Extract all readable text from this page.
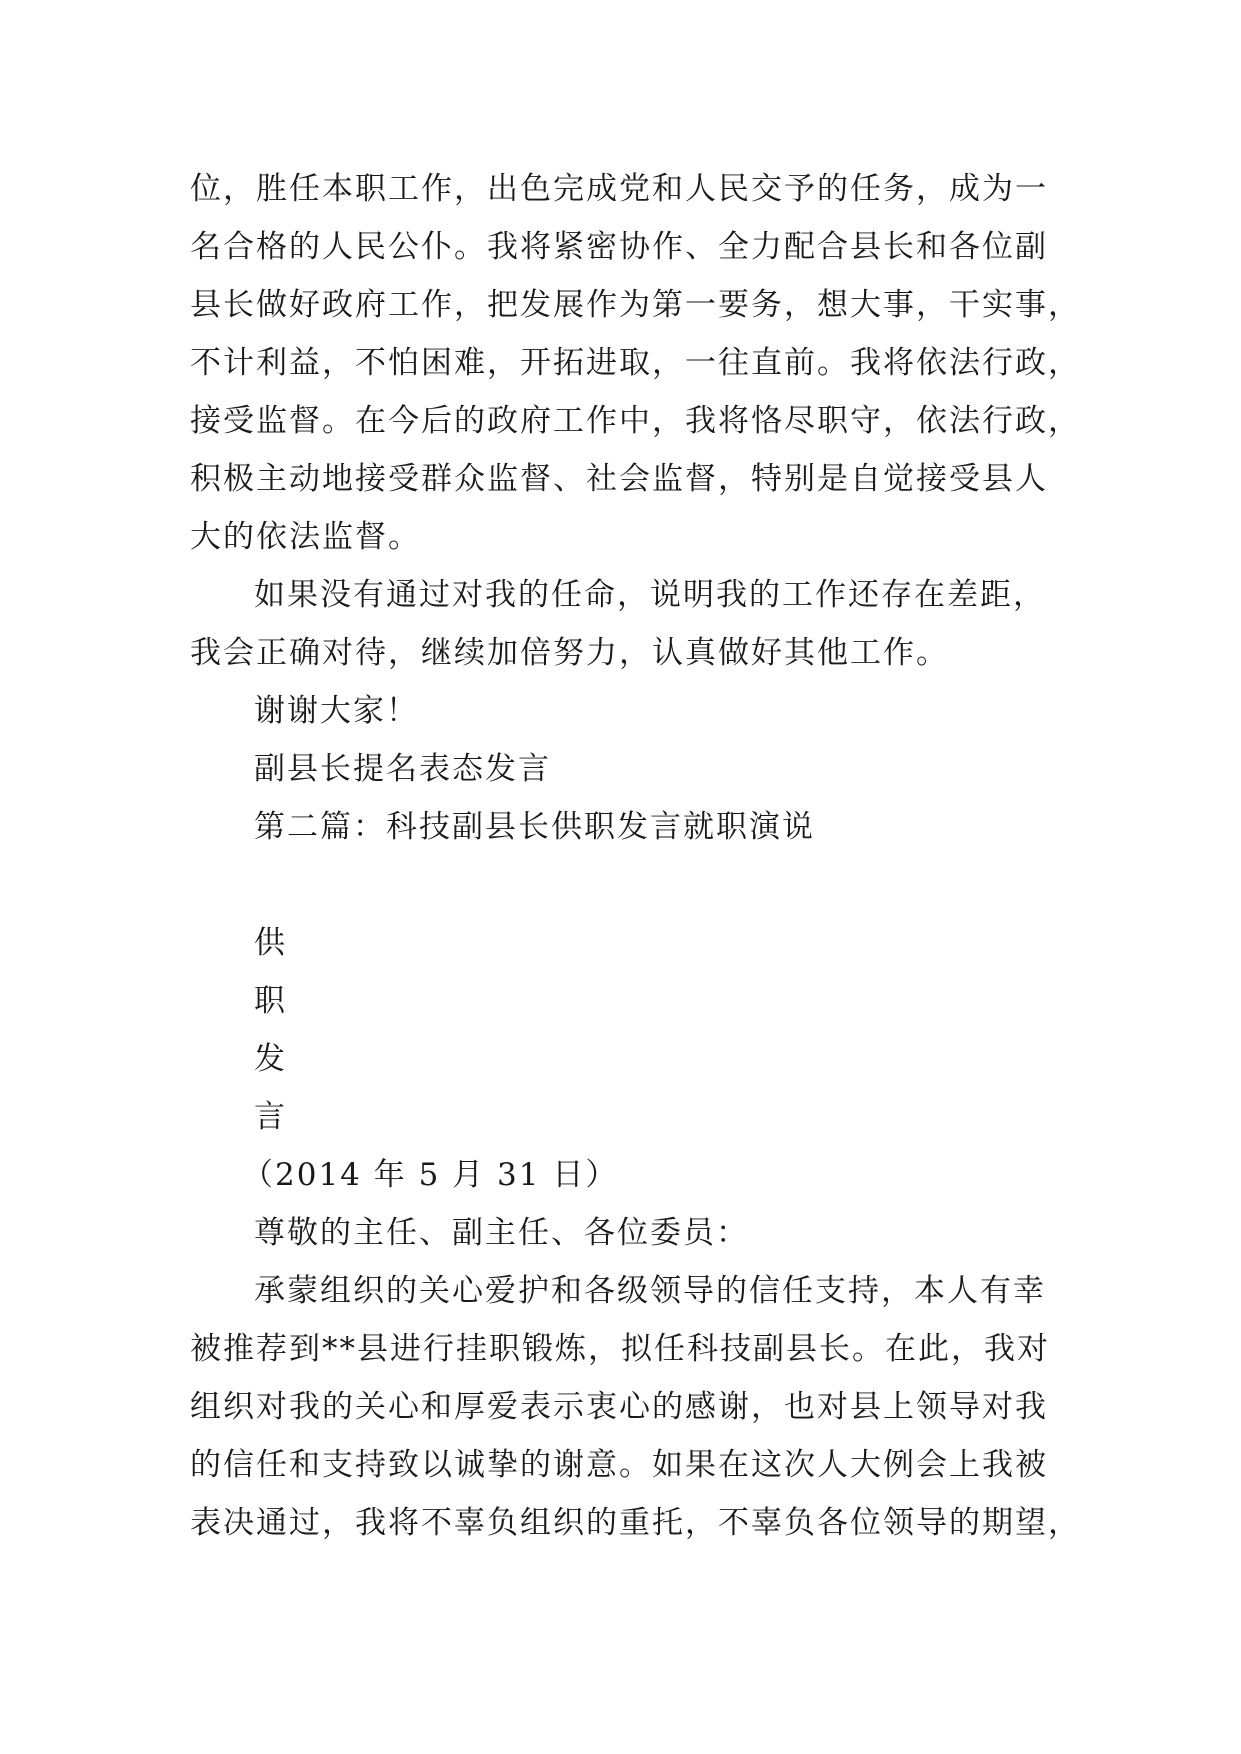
位，胜任本职工作，出色完成党和人民交予的任务，成为一
名合格的人民公仆。我将紧密协作、全力配合县长和各位副
县长做好政府工作，把发展作为第一要务，想大事，干实事，
不计利益，不怕困难，开拓进取，一往直前。我将依法行政，
接受监督。在今后的政府工作中，我将恪尽职守，依法行政，
积极主动地接受群众监督、社会监督，特别是自觉接受县人
大的依法监督。
如果没有通过对我的任命，说明我的工作还存在差距，
我会正确对待，继续加倍努力，认真做好其他工作。
谢谢大家！
副县长提名表态发言
第二篇：科技副县长供职发言就职演说
供
职
发
言
（2014 年 5 月 31 日）
尊敬的主任、副主任、各位委员：
承蒙组织的关心爱护和各级领导的信任支持，本人有幸
被推荐到**县进行挂职锻炼，拟任科技副县长。在此，我对
组织对我的关心和厚爱表示衷心的感谢，也对县上领导对我
的信任和支持致以诚挚的谢意。如果在这次人大例会上我被
表决通过，我将不辜负组织的重托，不辜负各位领导的期望，
